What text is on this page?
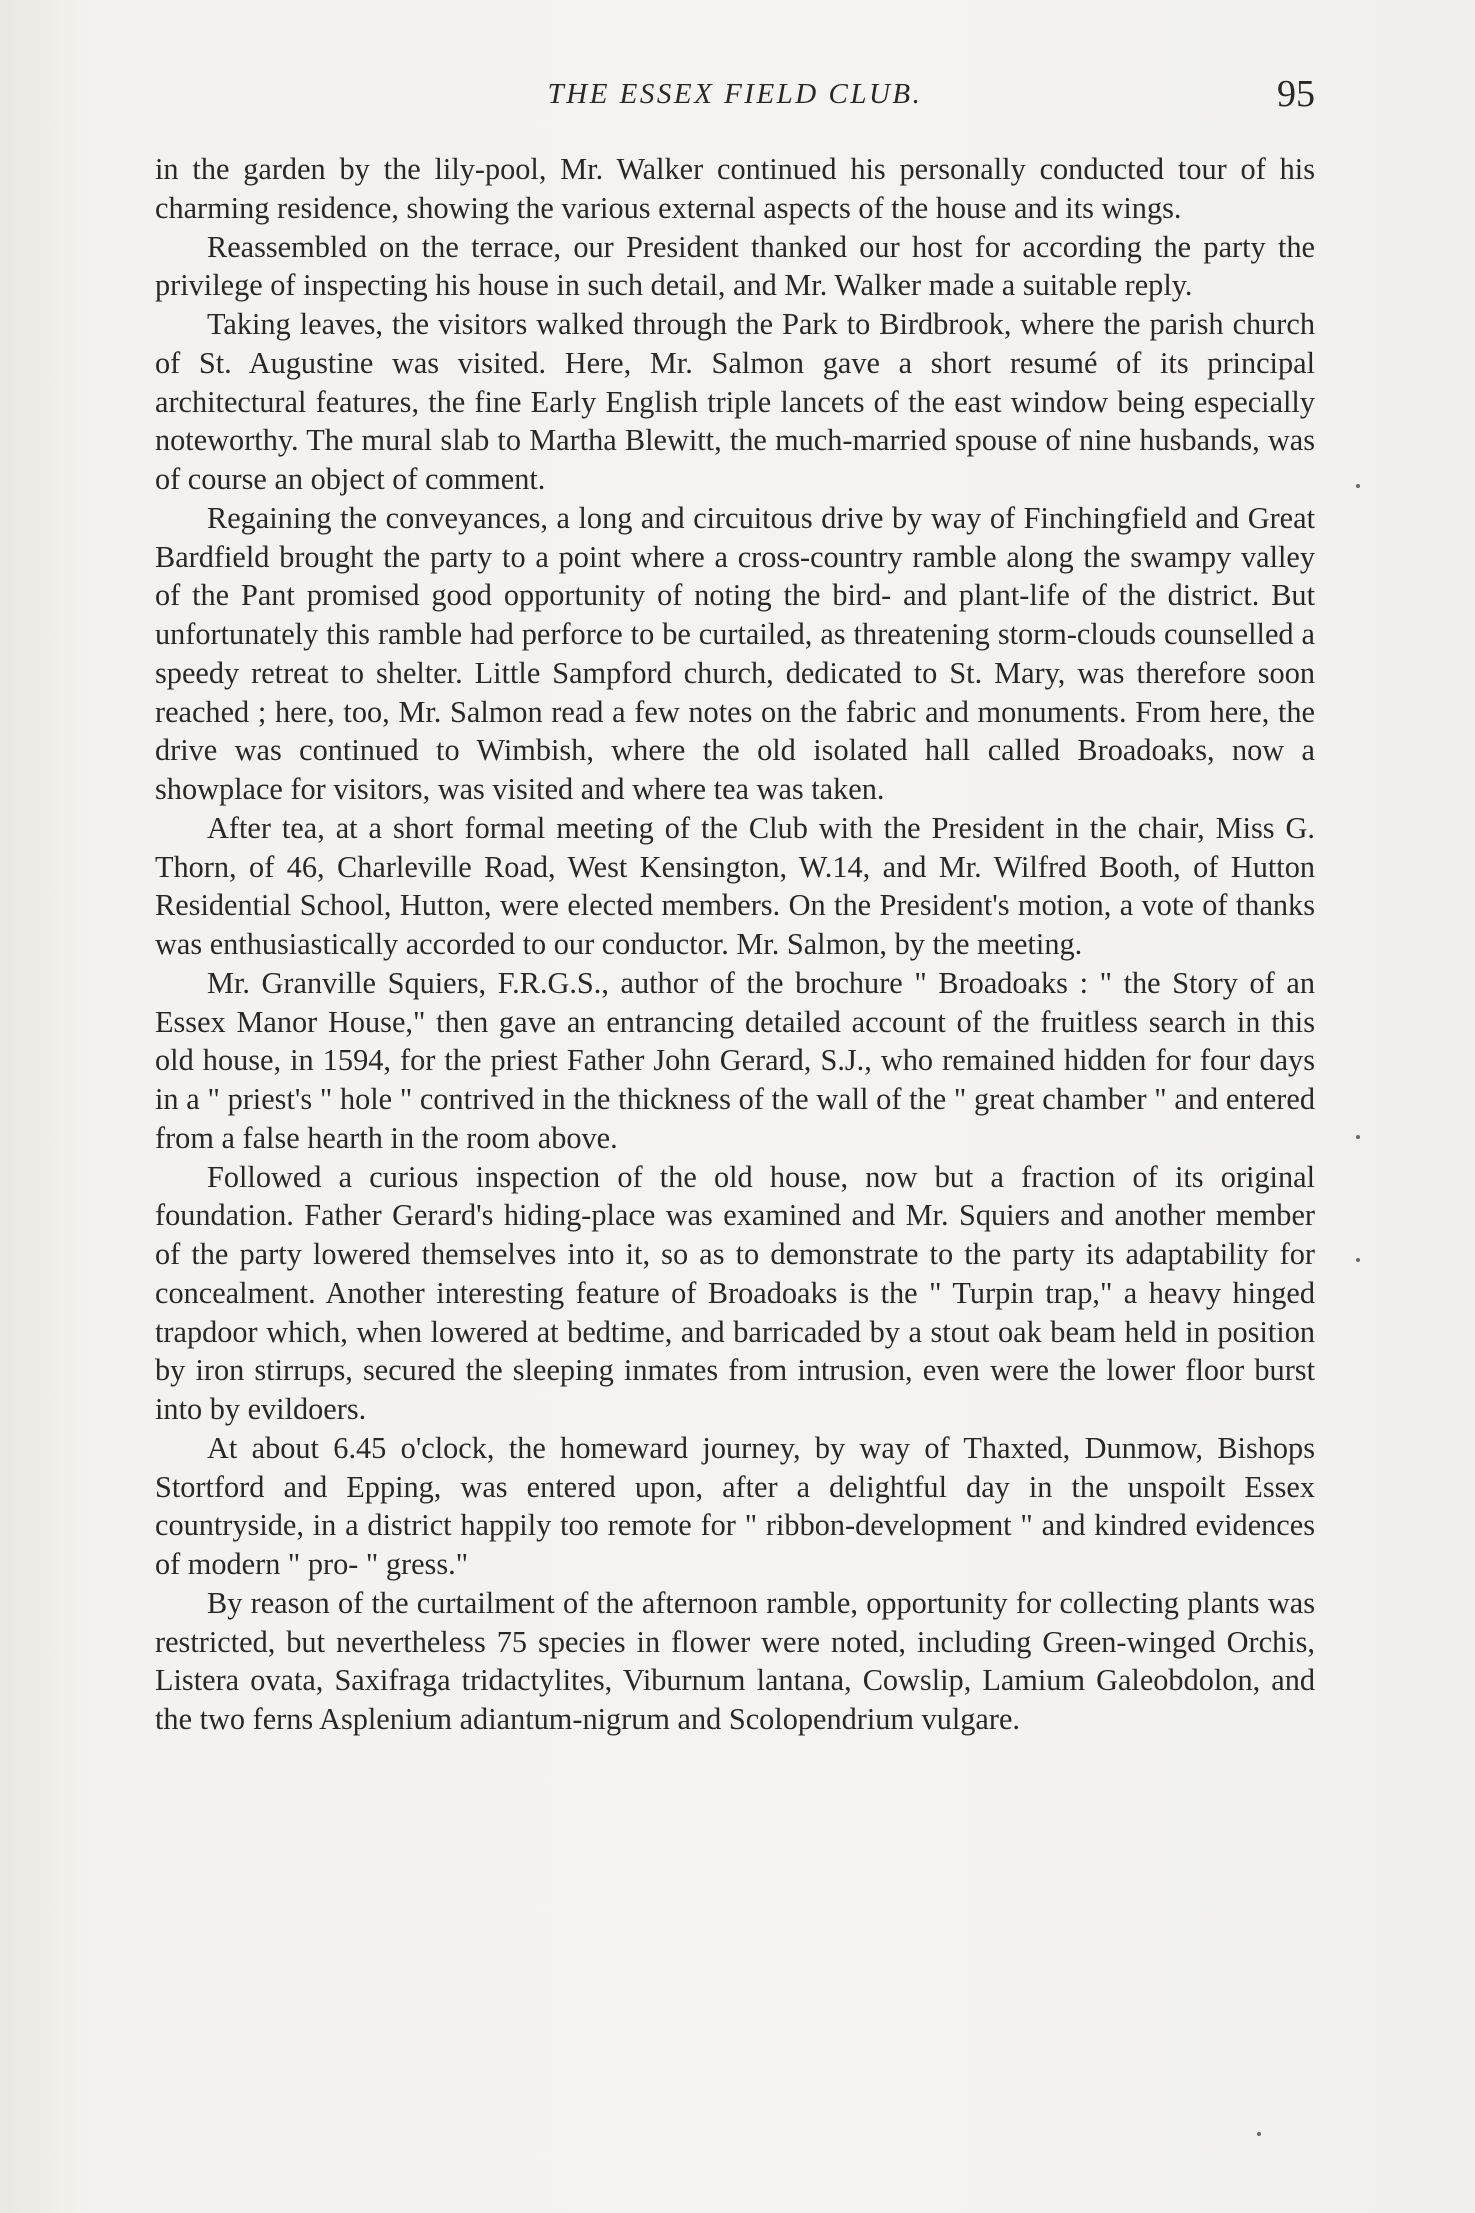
THE ESSEX FIELD CLUB.	95

in the garden by the lily-pool, Mr. Walker continued his personally conducted tour of his charming residence, showing the various external aspects of the house and its wings.

Reassembled on the terrace, our President thanked our host for according the party the privilege of inspecting his house in such detail, and Mr. Walker made a suitable reply.

Taking leaves, the visitors walked through the Park to Birdbrook, where the parish church of St. Augustine was visited. Here, Mr. Salmon gave a short resumé of its principal architectural features, the fine Early English triple lancets of the east window being especially noteworthy. The mural slab to Martha Blewitt, the much-married spouse of nine husbands, was of course an object of comment.

Regaining the conveyances, a long and circuitous drive by way of Finchingfield and Great Bardfield brought the party to a point where a cross-country ramble along the swampy valley of the Pant promised good opportunity of noting the bird- and plant-life of the district. But unfortunately this ramble had perforce to be curtailed, as threatening storm-clouds counselled a speedy retreat to shelter. Little Sampford church, dedicated to St. Mary, was therefore soon reached ; here, too, Mr. Salmon read a few notes on the fabric and monuments. From here, the drive was continued to Wimbish, where the old isolated hall called Broadoaks, now a showplace for visitors, was visited and where tea was taken.

After tea, at a short formal meeting of the Club with the President in the chair, Miss G. Thorn, of 46, Charleville Road, West Kensington, W.14, and Mr. Wilfred Booth, of Hutton Residential School, Hutton, were elected members. On the President's motion, a vote of thanks was enthusiastically accorded to our conductor. Mr. Salmon, by the meeting.

Mr. Granville Squiers, F.R.G.S., author of the brochure " Broadoaks : " the Story of an Essex Manor House," then gave an entrancing detailed account of the fruitless search in this old house, in 1594, for the priest Father John Gerard, S.J., who remained hidden for four days in a " priest's " hole " contrived in the thickness of the wall of the " great chamber " and entered from a false hearth in the room above.

Followed a curious inspection of the old house, now but a fraction of its original foundation. Father Gerard's hiding-place was examined and Mr. Squiers and another member of the party lowered themselves into it, so as to demonstrate to the party its adaptability for concealment. Another interesting feature of Broadoaks is the " Turpin trap," a heavy hinged trapdoor which, when lowered at bedtime, and barricaded by a stout oak beam held in position by iron stirrups, secured the sleeping inmates from intrusion, even were the lower floor burst into by evildoers.

At about 6.45 o'clock, the homeward journey, by way of Thaxted, Dunmow, Bishops Stortford and Epping, was entered upon, after a delightful day in the unspoilt Essex countryside, in a district happily too remote for " ribbon-development " and kindred evidences of modern " pro- " gress."

By reason of the curtailment of the afternoon ramble, opportunity for collecting plants was restricted, but nevertheless 75 species in flower were noted, including Green-winged Orchis, Listera ovata, Saxifraga tridactylites, Viburnum lantana, Cowslip, Lamium Galeobdolon, and the two ferns Asplenium adiantum-nigrum and Scolopendrium vulgare.
